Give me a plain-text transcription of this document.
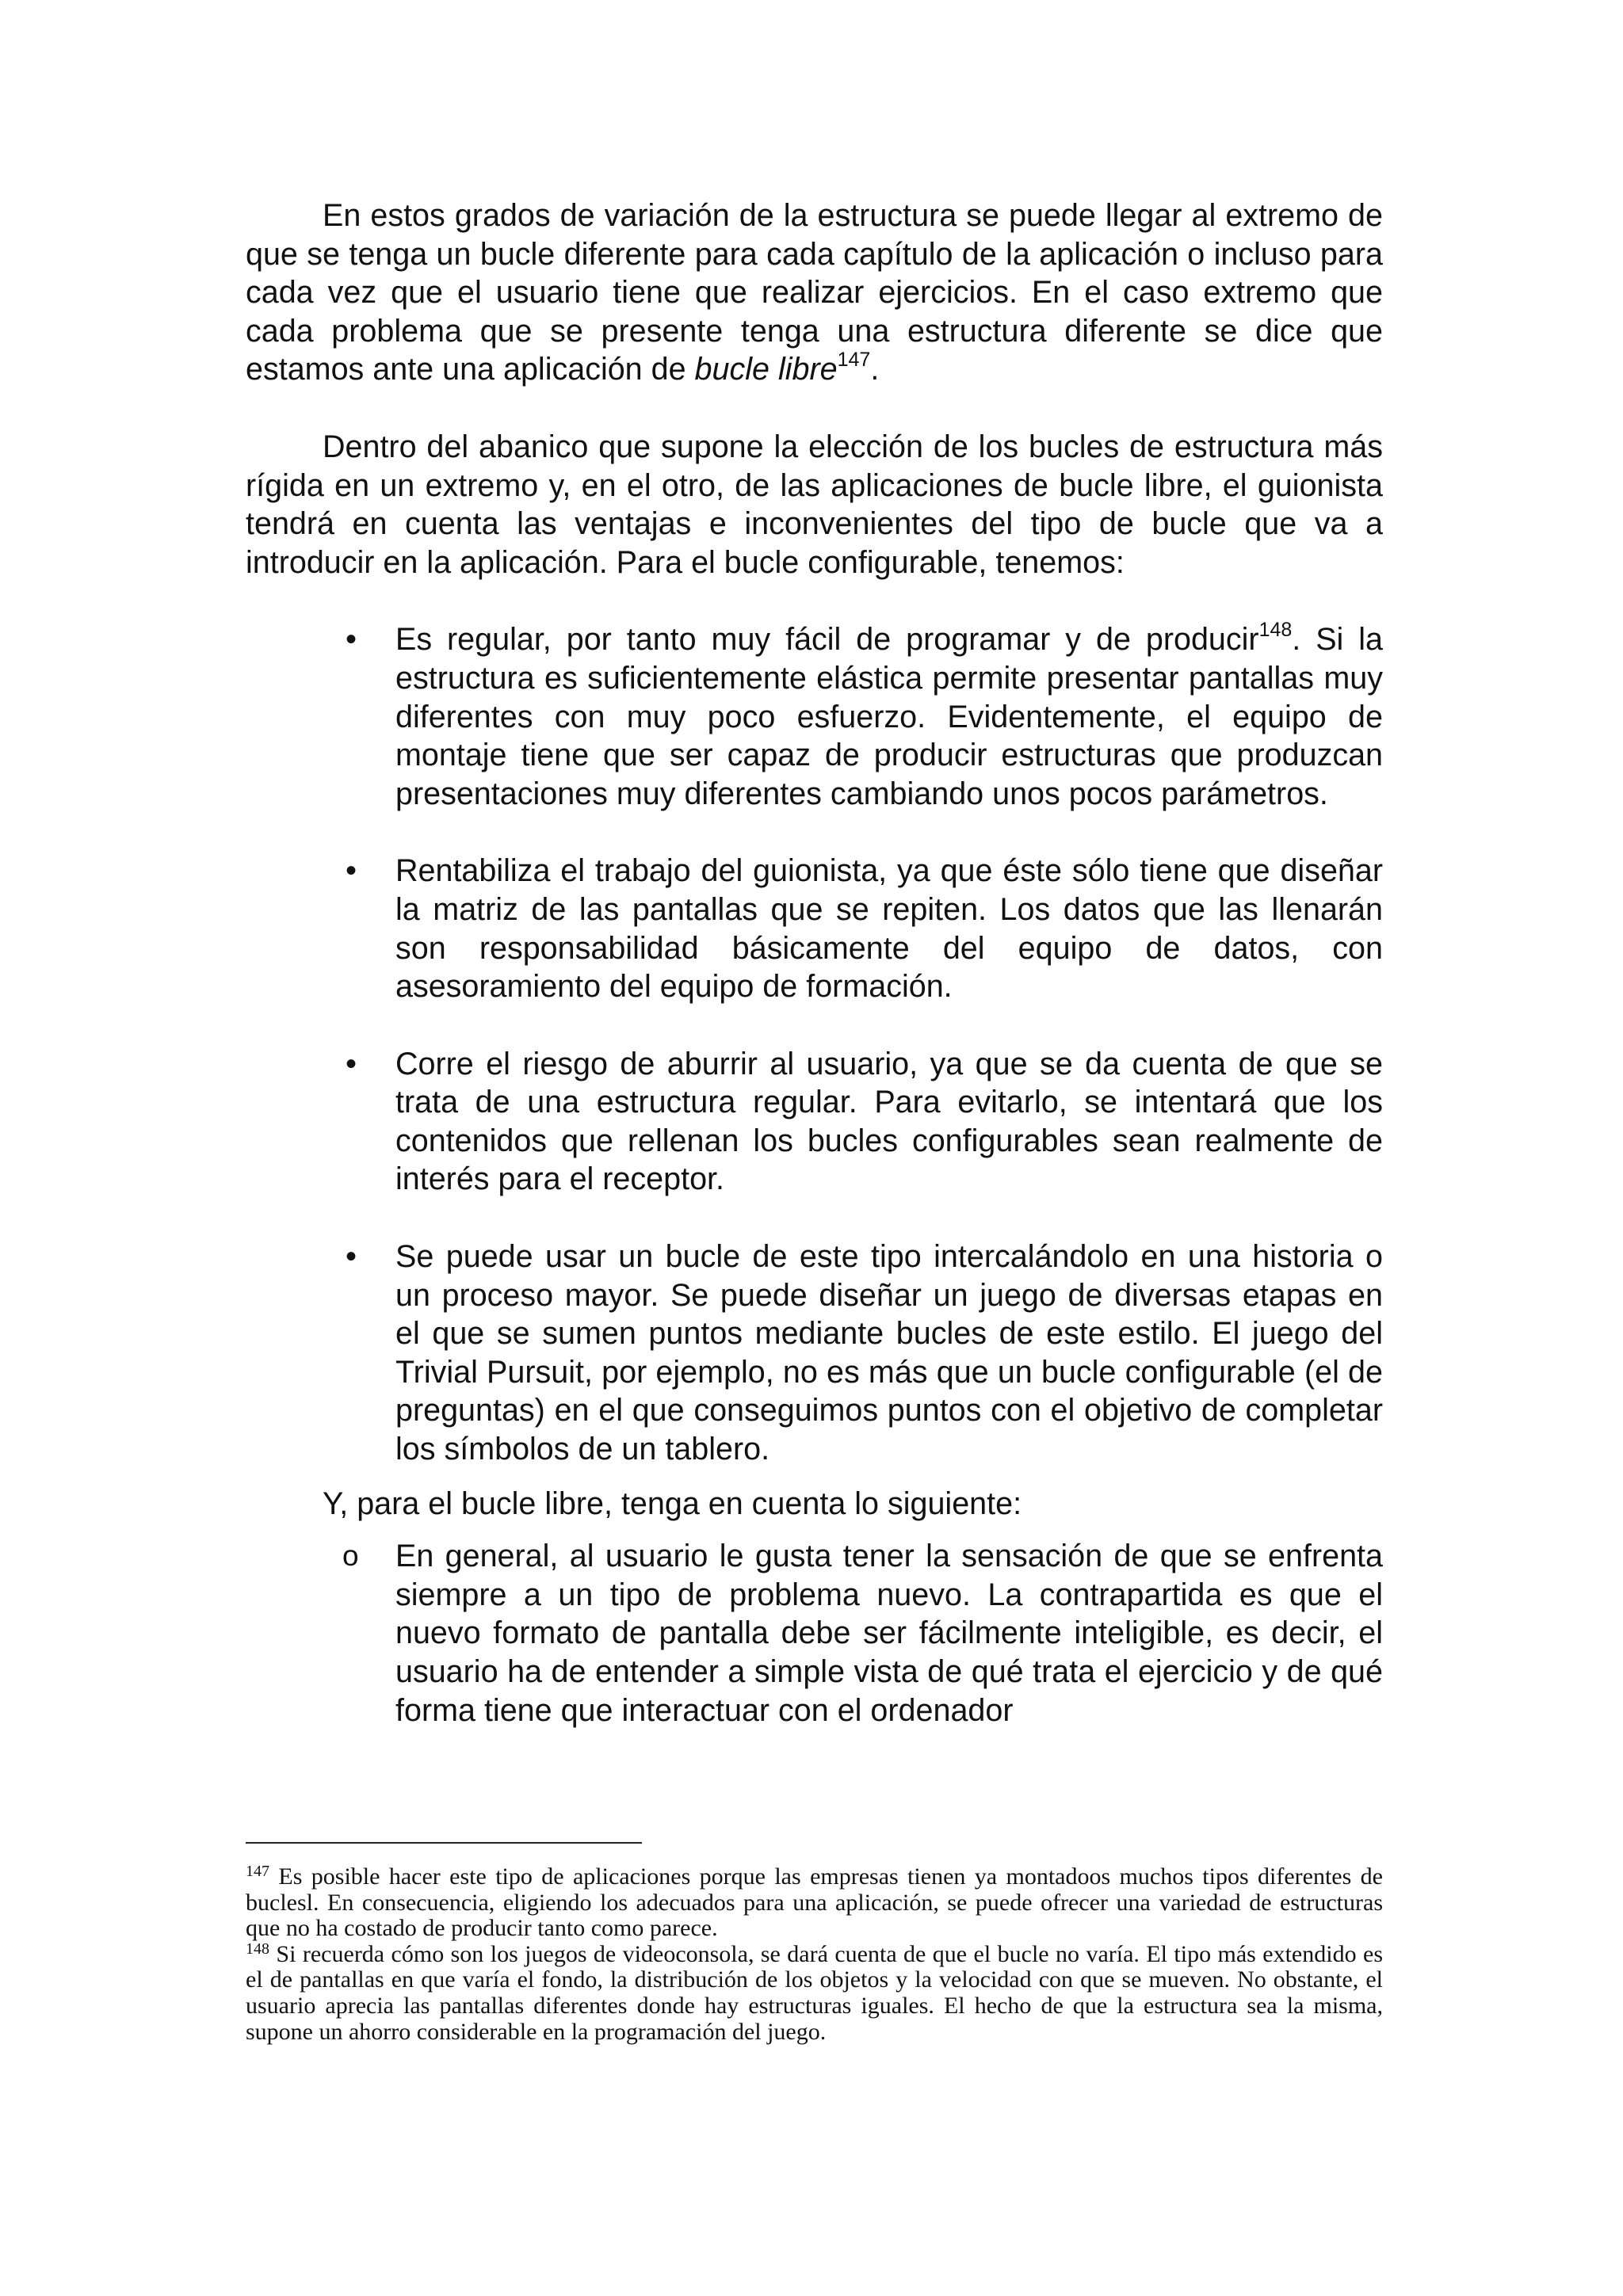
En estos grados de variación de la estructura se puede llegar al extremo de que se tenga un bucle diferente para cada capítulo de la aplicación o incluso para cada vez que el usuario tiene que realizar ejercicios. En el caso extremo que cada problema que se presente tenga una estructura diferente se dice que estamos ante una aplicación de bucle libre$^{147}$.

Dentro del abanico que supone la elección de los bucles de estructura más rígida en un extremo y, en el otro, de las aplicaciones de bucle libre, el guionista tendrá en cuenta las ventajas e inconvenientes del tipo de bucle que va a introducir en la aplicación. Para el bucle configurable, tenemos:

•	Es regular, por tanto muy fácil de programar y de producir$^{148}$. Si la estructura es suficientemente elástica permite presentar pantallas muy diferentes con muy poco esfuerzo. Evidentemente, el equipo de montaje tiene que ser capaz de producir estructuras que produzcan presentaciones muy diferentes cambiando unos pocos parámetros.
•	Rentabiliza el trabajo del guionista, ya que éste sólo tiene que diseñar la matriz de las pantallas que se repiten. Los datos que las llenarán son responsabilidad básicamente del equipo de datos, con asesoramiento del equipo de formación.
•	Corre el riesgo de aburrir al usuario, ya que se da cuenta de que se trata de una estructura regular. Para evitarlo, se intentará que los contenidos que rellenan los bucles configurables sean realmente de interés para el receptor.
•	Se puede usar un bucle de este tipo intercalándolo en una historia o un proceso mayor. Se puede diseñar un juego de diversas etapas en el que se sumen puntos mediante bucles de este estilo. El juego del Trivial Pursuit, por ejemplo, no es más que un bucle configurable (el de preguntas) en el que conseguimos puntos con el objetivo de completar los símbolos de un tablero.

Y, para el bucle libre, tenga en cuenta lo siguiente:

o En general, al usuario le gusta tener la sensación de que se enfrenta siempre a un tipo de problema nuevo. La contrapartida es que el nuevo formato de pantalla debe ser fácilmente inteligible, es decir, el usuario ha de entender a simple vista de qué trata el ejercicio y de qué forma tiene que interactuar con el ordenador

$^{147}$ Es posible hacer este tipo de aplicaciones porque las empresas tienen ya montadoos muchos tipos diferentes de buclesl. En consecuencia, eligiendo los adecuados para una aplicación, se puede ofrecer una variedad de estructuras que no ha costado de producir tanto como parece.

$^{148}$ Si recuerda cómo son los juegos de videoconsola, se dará cuenta de que el bucle no varía. El tipo más extendido es el de pantallas en que varía el fondo, la distribución de los objetos y la velocidad con que se mueven. No obstante, el usuario aprecia las pantallas diferentes donde hay estructuras iguales. El hecho de que la estructura sea la misma, supone un ahorro considerable en la programación del juego.
